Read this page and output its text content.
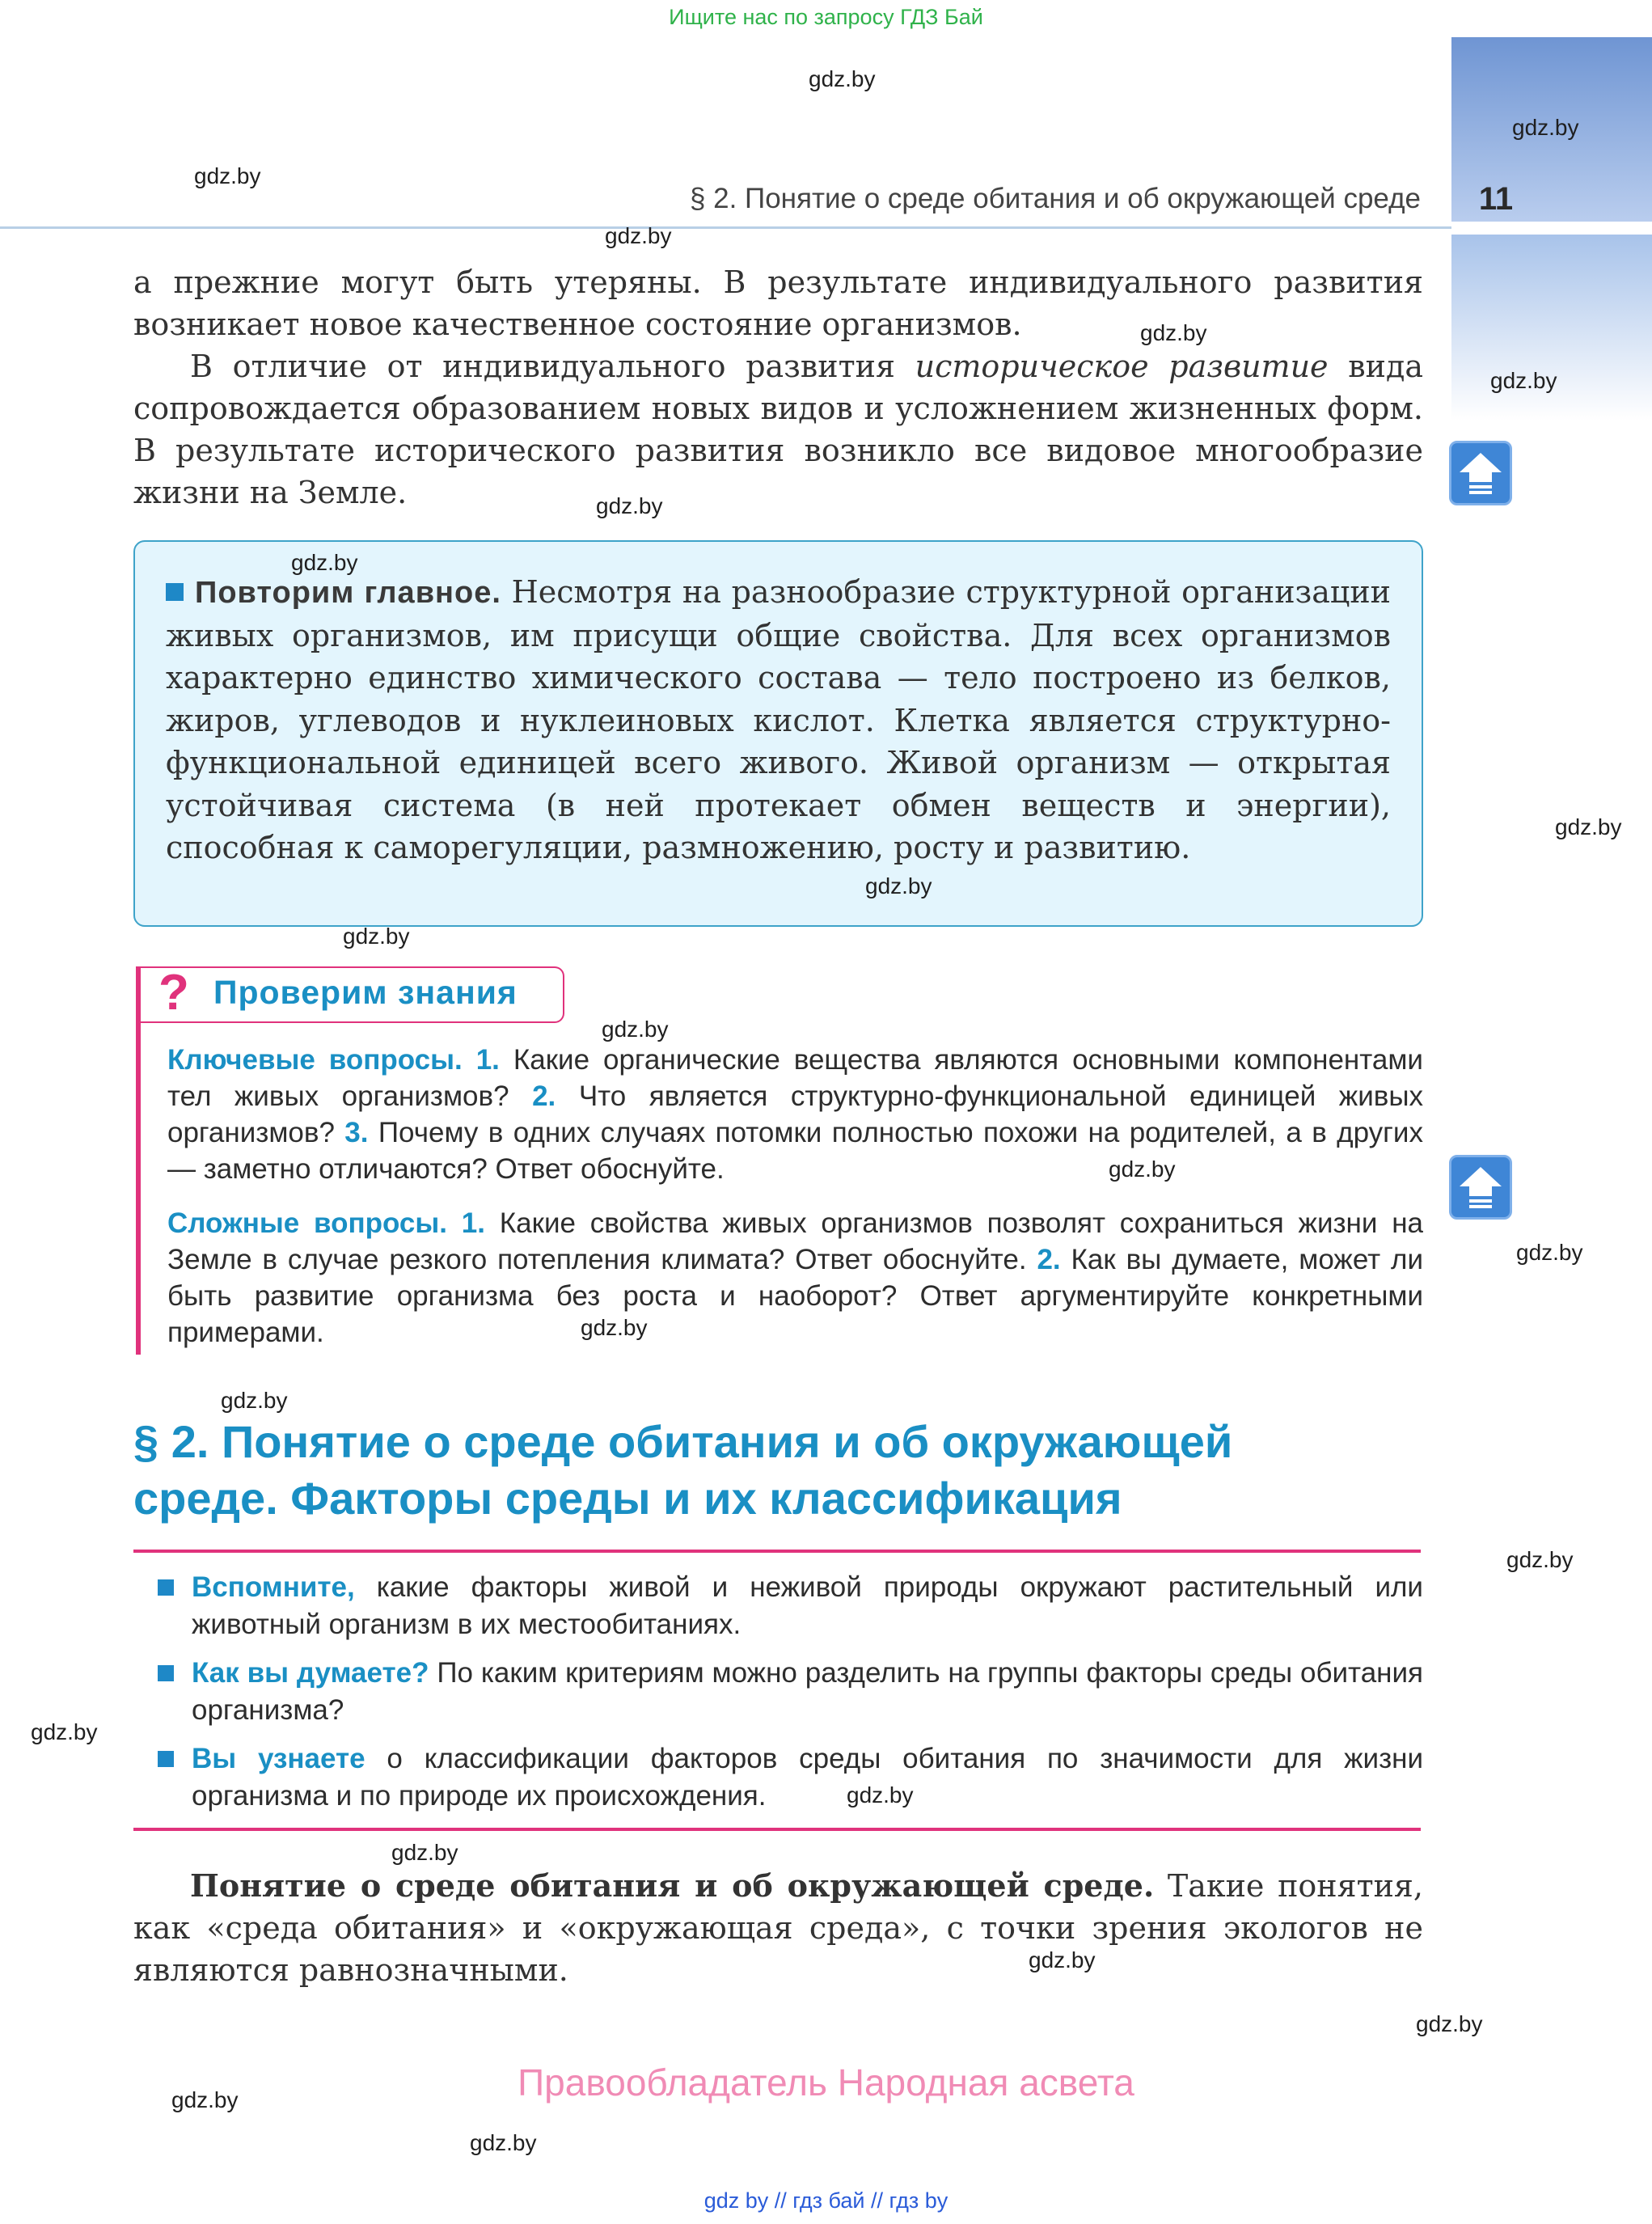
Ищите нас по запросу ГДЗ Бай
11
§ 2. Понятие о среде обитания и об окружающей среде

а прежние могут быть утеряны. В результате индивидуального развития возникает новое качественное состояние организмов.

В отличие от индивидуального развития историческое развитие вида сопровождается образованием новых видов и усложнением жизненных форм. В результате исторического развития возникло все видовое многообразие жизни на Земле.

Повторим главное. Несмотря на разнообразие структурной организации живых организмов, им присущи общие свойства. Для всех организмов характерно единство химического состава — тело построено из белков, жиров, углеводов и нуклеиновых кислот. Клетка является структурно-функциональной единицей всего живого. Живой организм — открытая устойчивая система (в ней протекает обмен веществ и энергии), способная к саморегуляции, размножению, росту и развитию.
? Проверим знания

Ключевые вопросы. 1. Какие органические вещества являются основными компонентами тел живых организмов? 2. Что является структурно-функциональной единицей живых организмов? 3. Почему в одних случаях потомки полностью похожи на родителей, а в других — заметно отличаются? Ответ обоснуйте.

Сложные вопросы. 1. Какие свойства живых организмов позволят сохраниться жизни на Земле в случае резкого потепления климата? Ответ обоснуйте. 2. Как вы думаете, может ли быть развитие организма без роста и наоборот? Ответ аргументируйте конкретными примерами.

§ 2. Понятие о среде обитания и об окружающей
среде. Факторы среды и их классификация
Вспомните, какие факторы живой и неживой природы окружают растительный или животный организм в их местообитаниях.
Как вы думаете? По каким критериям можно разделить на группы факторы среды обитания организма?
Вы узнаете о классификации факторов среды обитания по значимости для жизни организма и по природе их происхождения.

Понятие о среде обитания и об окружающей среде. Такие понятия, как «среда обитания» и «окружающая среда», с точки зрения экологов не являются равнозначными.

Правообладатель Народная асвета
gdz.by
gdz.by
gdz.by
gdz.by
gdz.by
gdz.by
gdz.by
gdz.by
gdz.by
gdz.by
gdz.by
gdz.by
gdz.by
gdz.by
gdz.by
gdz.by
gdz.by
gdz.by
gdz.by
gdz.by
gdz.by
gdz.by
gdz.by
gdz.by
gdz by // гдз бай // гдз by
